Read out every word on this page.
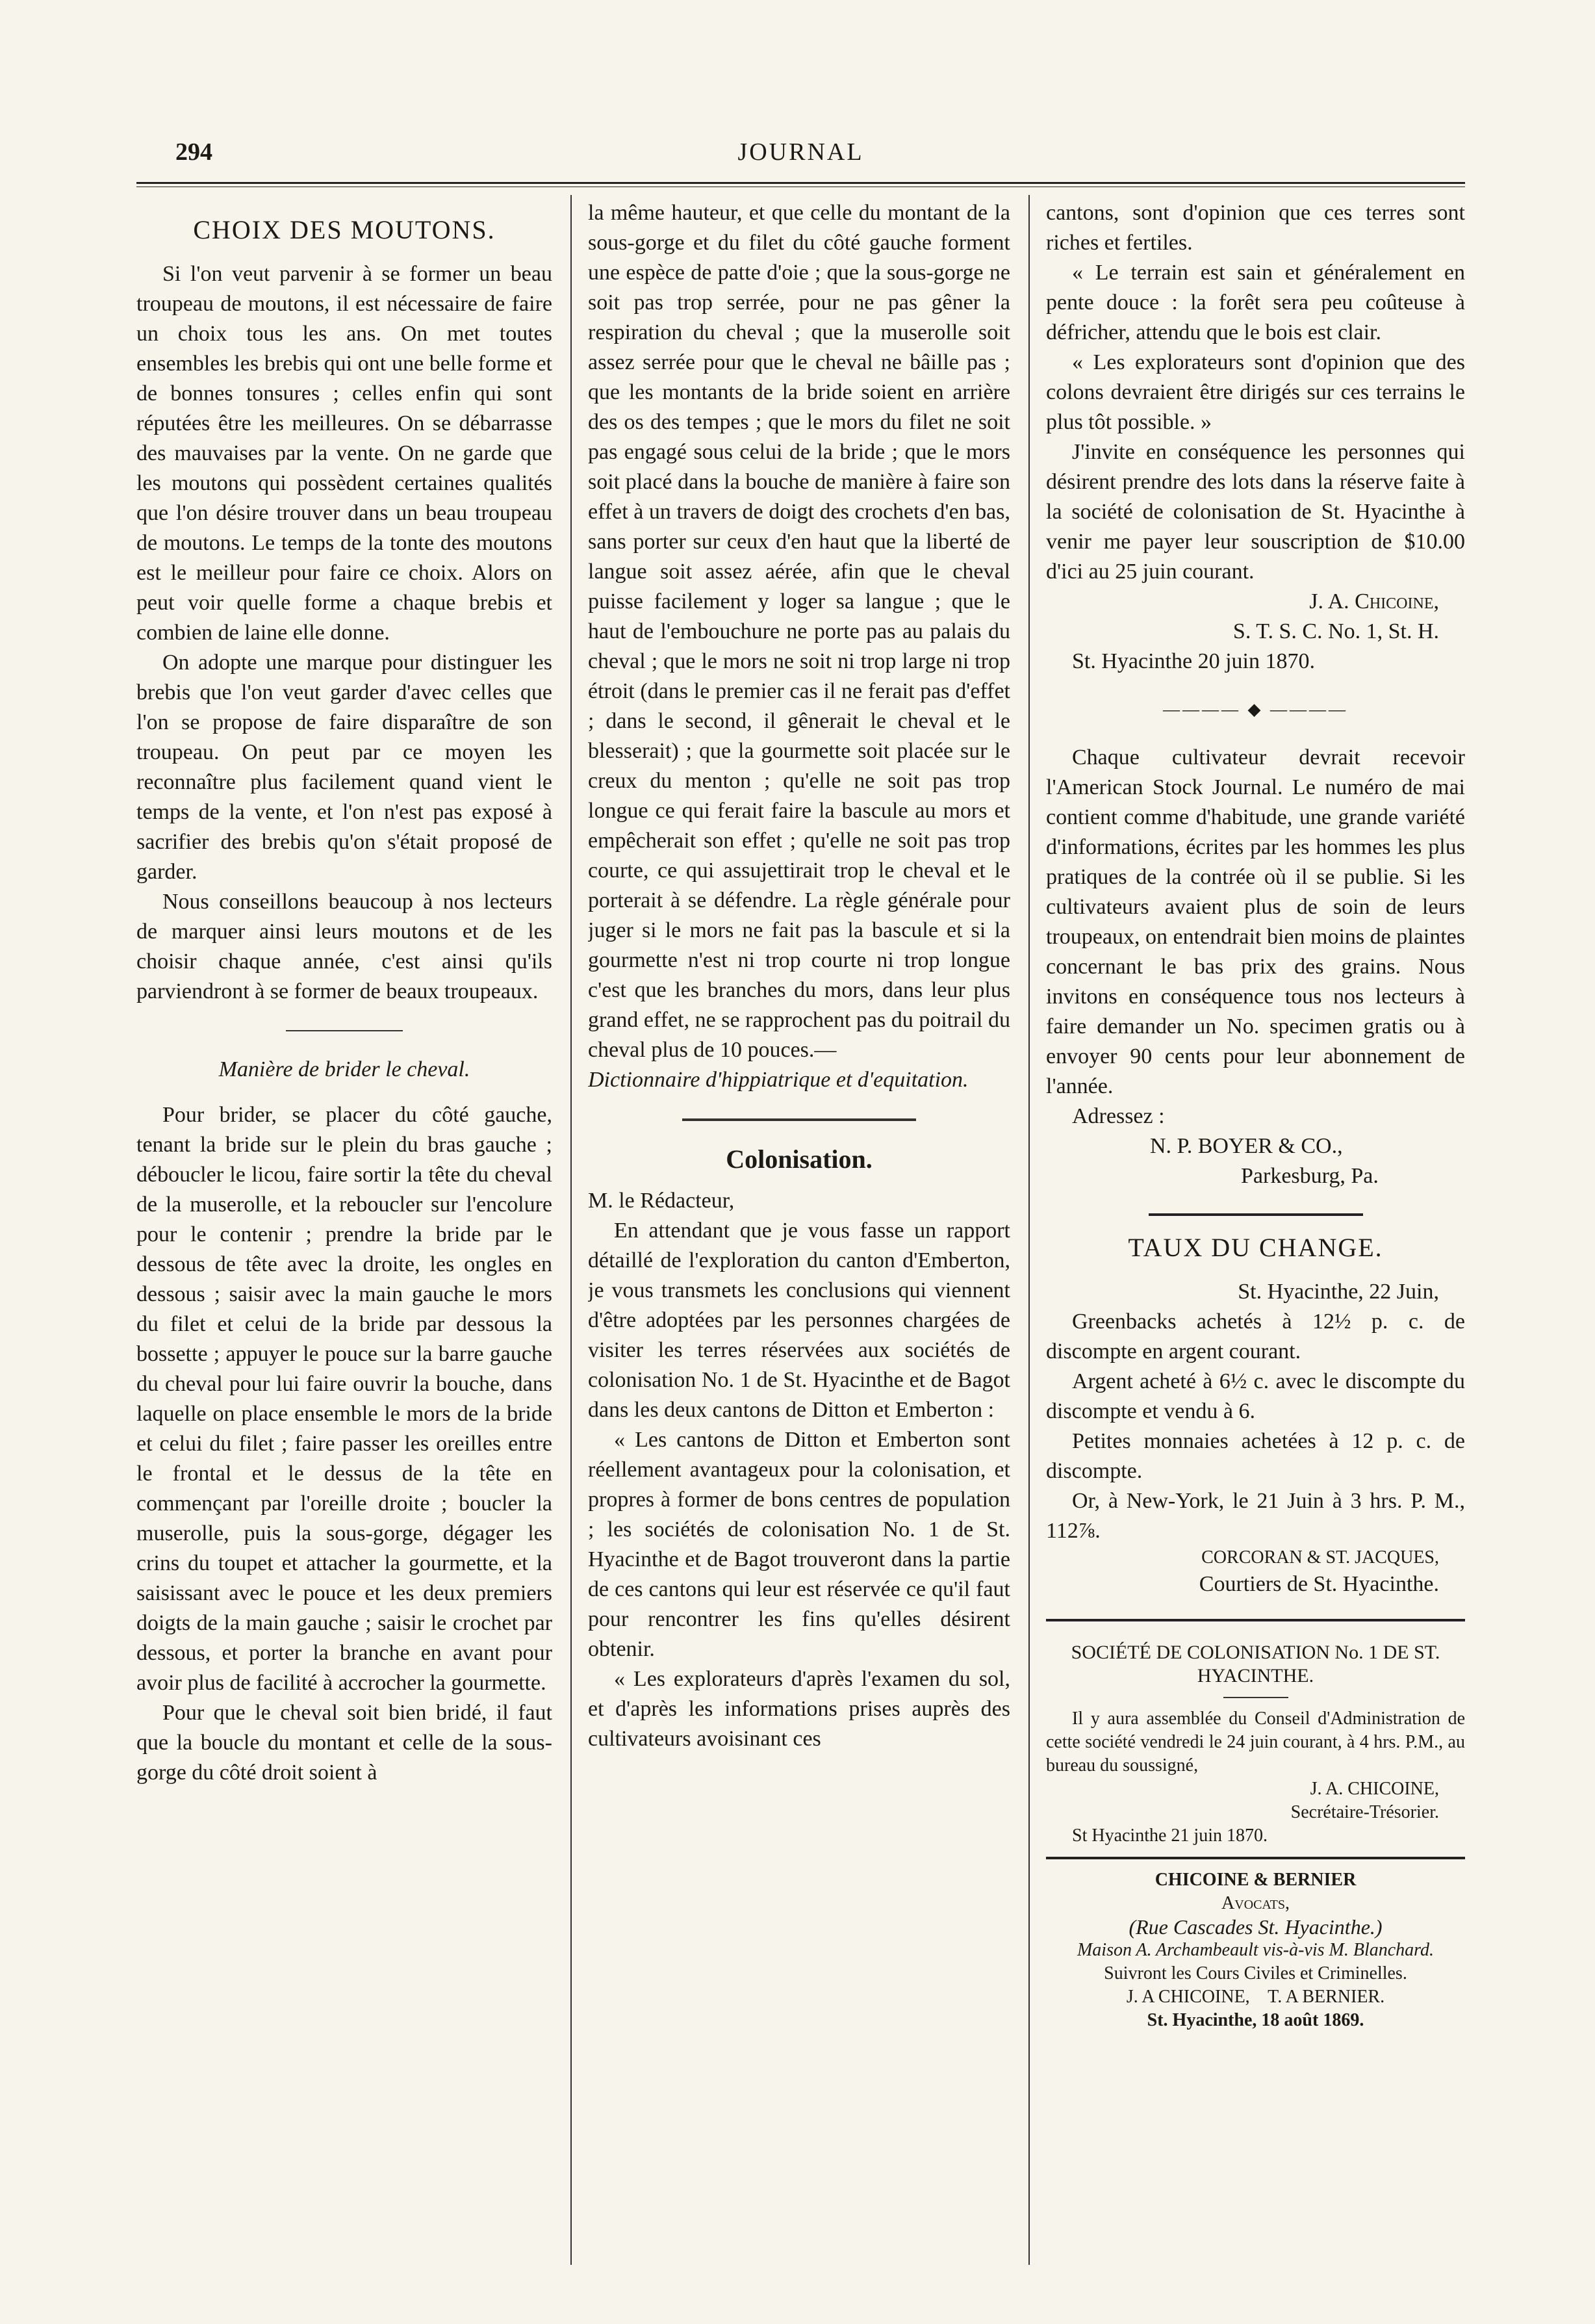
294	JOURNAL
CHOIX DES MOUTONS.

Si l'on veut parvenir à se former un beau troupeau de moutons, il est nécessaire de faire un choix tous les ans. On met toutes ensembles les brebis qui ont une belle forme et de bonnes tonsures ; celles enfin qui sont réputées être les meilleures. On se débarrasse des mauvaises par la vente. On ne garde que les moutons qui possèdent certaines qualités que l'on désire trouver dans un beau troupeau de moutons. Le temps de la tonte des moutons est le meilleur pour faire ce choix. Alors on peut voir quelle forme a chaque brebis et combien de laine elle donne.

On adopte une marque pour distinguer les brebis que l'on veut garder d'avec celles que l'on se propose de faire disparaître de son troupeau. On peut par ce moyen les reconnaître plus facilement quand vient le temps de la vente, et l'on n'est pas exposé à sacrifier des brebis qu'on s'était proposé de garder.

Nous conseillons beaucoup à nos lecteurs de marquer ainsi leurs moutons et de les choisir chaque année, c'est ainsi qu'ils parviendront à se former de beaux troupeaux.

Manière de brider le cheval.

Pour brider, se placer du côté gauche, tenant la bride sur le plein du bras gauche ; déboucler le licou, faire sortir la tête du cheval de la muserolle, et la reboucler sur l'encolure pour le contenir ; prendre la bride par le dessous de tête avec la droite, les ongles en dessous ; saisir avec la main gauche le mors du filet et celui de la bride par dessous la bossette ; appuyer le pouce sur la barre gauche du cheval pour lui faire ouvrir la bouche, dans laquelle on place ensemble le mors de la bride et celui du filet ; faire passer les oreilles entre le frontal et le dessus de la tête en commençant par l'oreille droite ; boucler la muserolle, puis la sous-gorge, dégager les crins du toupet et attacher la gourmette, et la saisissant avec le pouce et les deux premiers doigts de la main gauche ; saisir le crochet par dessous, et porter la branche en avant pour avoir plus de facilité à accrocher la gourmette.

Pour que le cheval soit bien bridé, il faut que la boucle du montant et celle de la sous-gorge du côté droit soient à

la même hauteur, et que celle du montant de la sous-gorge et du filet du côté gauche forment une espèce de patte d'oie ; que la sous-gorge ne soit pas trop serrée, pour ne pas gêner la respiration du cheval ; que la muserolle soit assez serrée pour que le cheval ne bâille pas ; que les montants de la bride soient en arrière des os des tempes ; que le mors du filet ne soit pas engagé sous celui de la bride ; que le mors soit placé dans la bouche de manière à faire son effet à un travers de doigt des crochets d'en bas, sans porter sur ceux d'en haut que la liberté de langue soit assez aérée, afin que le cheval puisse facilement y loger sa langue ; que le haut de l'embouchure ne porte pas au palais du cheval ; que le mors ne soit ni trop large ni trop étroit (dans le premier cas il ne ferait pas d'effet ; dans le second, il gênerait le cheval et le blesserait) ; que la gourmette soit placée sur le creux du menton ; qu'elle ne soit pas trop longue ce qui ferait faire la bascule au mors et empêcherait son effet ; qu'elle ne soit pas trop courte, ce qui assujettirait trop le cheval et le porterait à se défendre. La règle générale pour juger si le mors ne fait pas la bascule et si la gourmette n'est ni trop courte ni trop longue c'est que les branches du mors, dans leur plus grand effet, ne se rapprochent pas du poitrail du cheval plus de 10 pouces.—

Dictionnaire d'hippiatrique et d'equitation.

Colonisation.

M. le Rédacteur,

En attendant que je vous fasse un rapport détaillé de l'exploration du canton d'Emberton, je vous transmets les conclusions qui viennent d'être adoptées par les personnes chargées de visiter les terres réservées aux sociétés de colonisation No. 1 de St. Hyacinthe et de Bagot dans les deux cantons de Ditton et Emberton :

« Les cantons de Ditton et Emberton sont réellement avantageux pour la colonisation, et propres à former de bons centres de population ; les sociétés de colonisation No. 1 de St. Hyacinthe et de Bagot trouveront dans la partie de ces cantons qui leur est réservée ce qu'il faut pour rencontrer les fins qu'elles désirent obtenir.

« Les explorateurs d'après l'examen du sol, et d'après les informations prises auprès des cultivateurs avoisinant ces

cantons, sont d'opinion que ces terres sont riches et fertiles.

« Le terrain est sain et généralement en pente douce : la forêt sera peu coûteuse à défricher, attendu que le bois est clair.

« Les explorateurs sont d'opinion que des colons devraient être dirigés sur ces terrains le plus tôt possible. »

J'invite en conséquence les personnes qui désirent prendre des lots dans la réserve faite à la société de colonisation de St. Hyacinthe à venir me payer leur souscription de $10.00 d'ici au 25 juin courant.

J. A. Chicoine,
S. T. S. C. No. 1, St. H.

St. Hyacinthe 20 juin 1870.

———— ◆ ————

Chaque cultivateur devrait recevoir l'American Stock Journal. Le numéro de mai contient comme d'habitude, une grande variété d'informations, écrites par les hommes les plus pratiques de la contrée où il se publie. Si les cultivateurs avaient plus de soin de leurs troupeaux, on entendrait bien moins de plaintes concernant le bas prix des grains. Nous invitons en conséquence tous nos lecteurs à faire demander un No. specimen gratis ou à envoyer 90 cents pour leur abonnement de l'année.

Adressez :

N. P. BOYER & CO.,

Parkesburg, Pa.

TAUX DU CHANGE.
St. Hyacinthe, 22 Juin,

Greenbacks achetés à 12½ p. c. de discompte en argent courant.

Argent acheté à 6½ c. avec le discompte du discompte et vendu à 6.

Petites monnaies achetées à 12 p. c. de discompte.

Or, à New-York, le 21 Juin à 3 hrs. P. M., 112⅞.

CORCORAN & ST. JACQUES,
Courtiers de St. Hyacinthe.
SOCIÉTÉ DE COLONISATION No. 1 DE ST. HYACINTHE.

Il y aura assemblée du Conseil d'Administration de cette société vendredi le 24 juin courant, à 4 hrs. P.M., au bureau du soussigné,

J. A. CHICOINE,
Secrétaire-Trésorier.

St Hyacinthe 21 juin 1870.

CHICOINE & BERNIER
Avocats,
(Rue Cascades St. Hyacinthe.)
Maison A. Archambeault vis-à-vis M. Blanchard.
Suivront les Cours Civiles et Criminelles.
J. A CHICOINE,    T. A BERNIER.
St. Hyacinthe, 18 août 1869.
